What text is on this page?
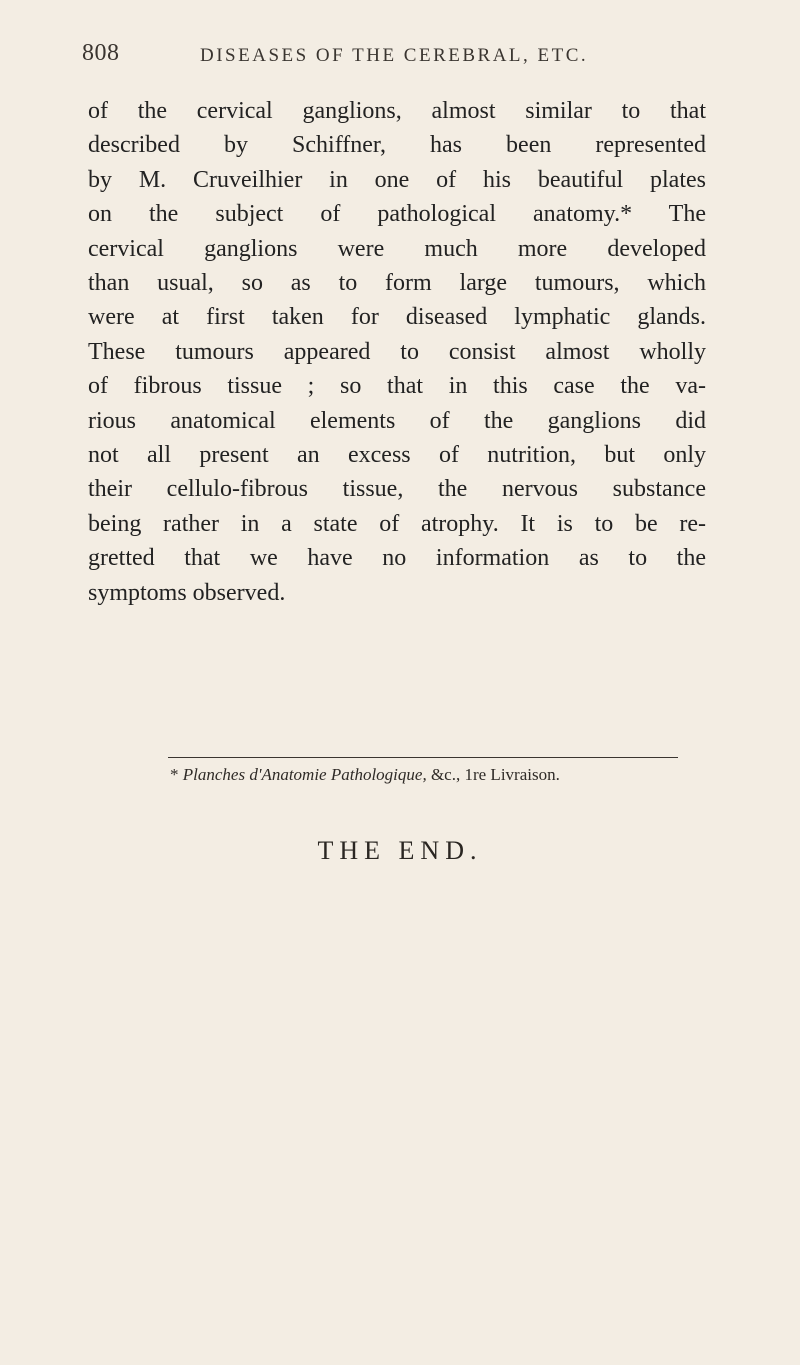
808	DISEASES OF THE CEREBRAL, ETC.

of the cervical ganglions, almost similar to that
described by Schiffner, has been represented
by M. Cruveilhier in one of his beautiful plates
on the subject of pathological anatomy.* The
cervical ganglions were much more developed
than usual, so as to form large tumours, which
were at first taken for diseased lymphatic glands.
These tumours appeared to consist almost wholly
of fibrous tissue ; so that in this case the va-
rious anatomical elements of the ganglions did
not all present an excess of nutrition, but only
their cellulo-fibrous tissue, the nervous substance
being rather in a state of atrophy. It is to be re-
gretted that we have no information as to the
symptoms observed.

* Planches d'Anatomie Pathologique, &c., 1re Livraison.
THE END.
